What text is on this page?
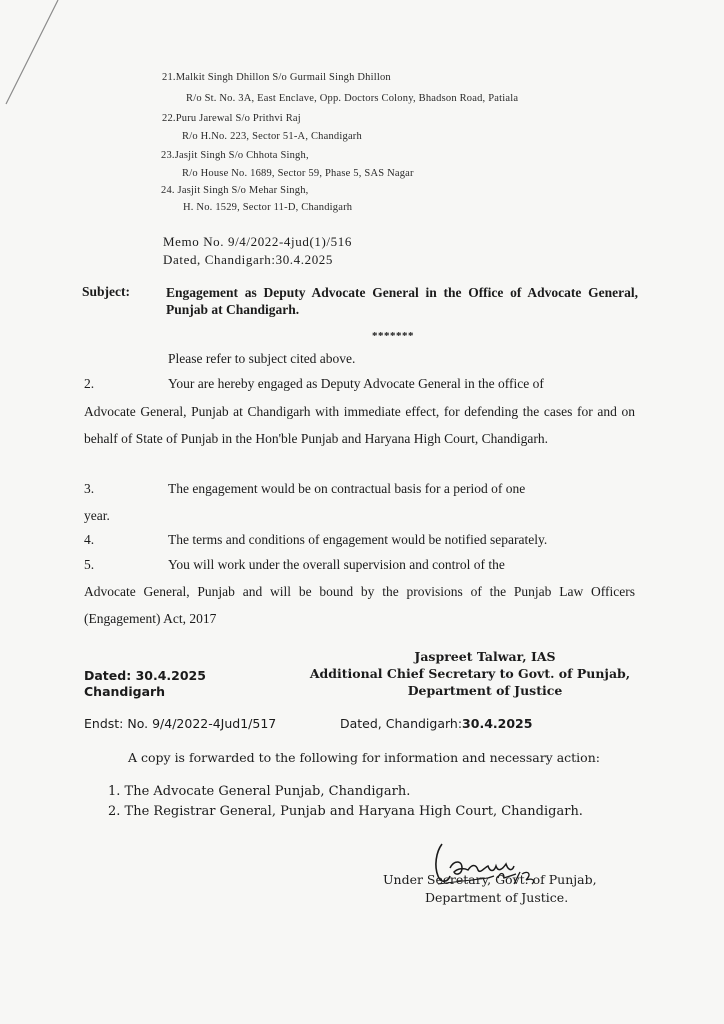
21.Malkit Singh Dhillon S/o Gurmail Singh Dhillon
R/o St. No. 3A, East Enclave, Opp. Doctors Colony, Bhadson Road, Patiala
22.Puru Jarewal S/o Prithvi Raj
R/o H.No. 223, Sector 51-A, Chandigarh
23.Jasjit Singh S/o Chhota Singh,
R/o House No. 1689, Sector 59, Phase 5, SAS Nagar
24. Jasjit Singh S/o Mehar Singh,
H. No. 1529, Sector 11-D, Chandigarh
Memo No. 9/4/2022-4jud(1)/516
Dated, Chandigarh:30.4.2025
Subject:	Engagement as Deputy Advocate General in the Office of Advocate General, Punjab at Chandigarh.
*******
Please refer to subject cited above.
2.	Your are hereby engaged as Deputy Advocate General in the office of
Advocate General, Punjab at Chandigarh with immediate effect, for defending the cases for and on behalf of State of Punjab in the Hon'ble Punjab and Haryana High Court, Chandigarh.
3.	The engagement would be on contractual basis for a period of one
year.
4.	The terms and conditions of engagement would be notified separately.
5.	You will work under the overall supervision and control of the
Advocate General, Punjab and will be bound by the provisions of the Punjab Law Officers (Engagement) Act, 2017
Jaspreet Talwar, IAS
Additional Chief Secretary to Govt. of Punjab,
Department of Justice
Dated: 30.4.2025
Chandigarh
Endst: No. 9/4/2022-4Jud1/517	Dated, Chandigarh:30.4.2025
A copy is forwarded to the following for information and necessary action:
1. The Advocate General Punjab, Chandigarh.
2. The Registrar General, Punjab and Haryana High Court, Chandigarh.
Under Secretary, Govt. of Punjab,
Department of Justice.
